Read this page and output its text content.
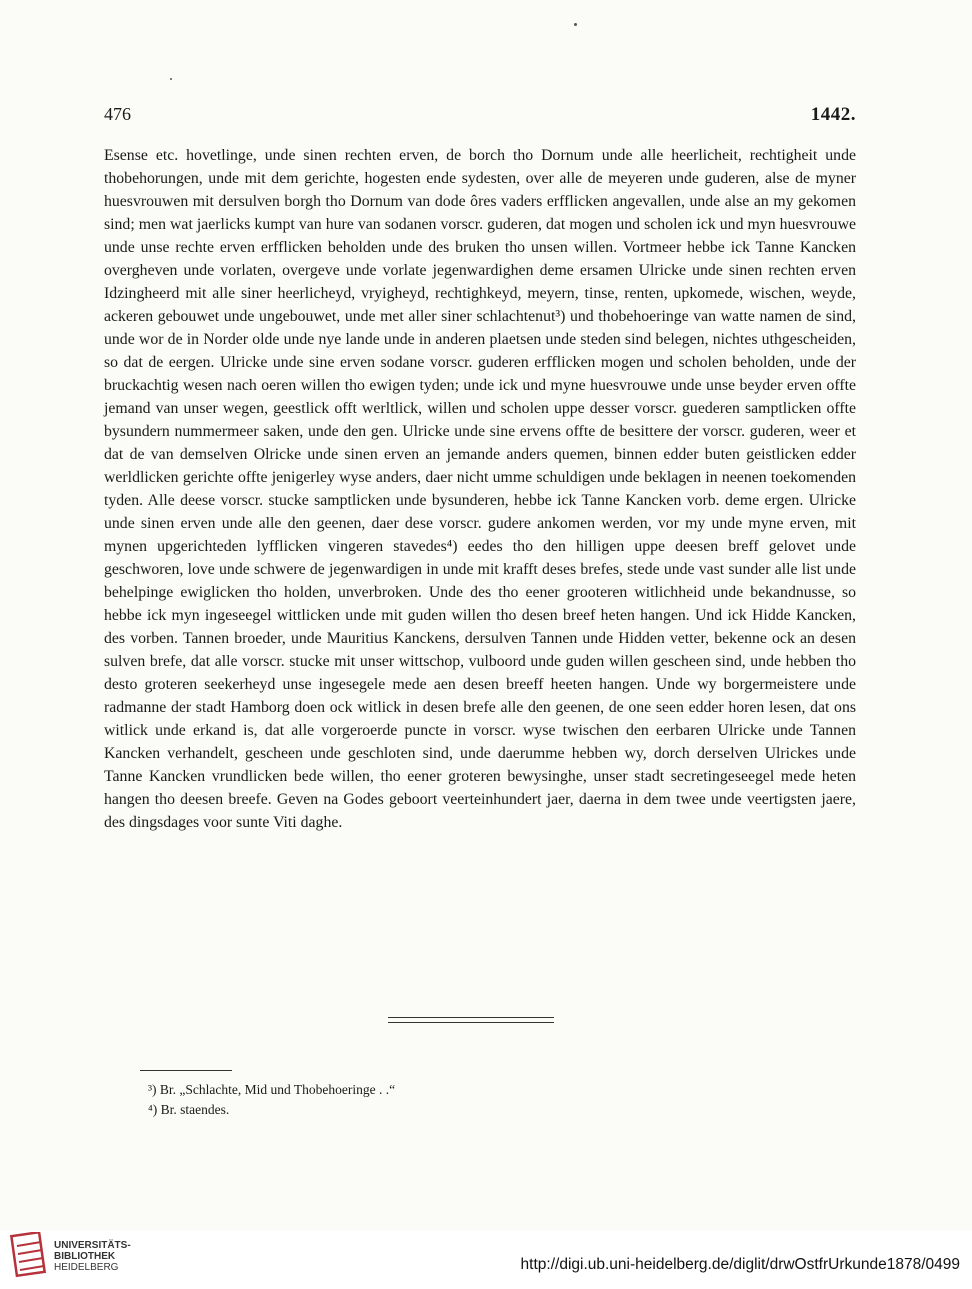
476	1442.

Esense etc. hovetlinge, unde sinen rechten erven, de borch tho Dornum unde alle heerlicheit, rechtigheit unde thobehorungen, unde mit dem gerichte, hogesten ende sydesten, over alle de meyeren unde guderen, alse de myner huesvrouwen mit dersulven borgh tho Dornum van dode ôres vaders erfflicken angevallen, unde alse an my gekomen sind; men wat jaerlicks kumpt van hure van sodanen vorscr. guderen, dat mogen und scholen ick und myn huesvrouwe unde unse rechte erven erfflicken beholden unde des bruken tho unsen willen. Vortmeer hebbe ick Tanne Kancken overgheven unde vorlaten, overgeve unde vorlate jegenwardighen deme ersamen Ulricke unde sinen rechten erven Idzingheerd mit alle siner heerlicheyd, vryigheyd, rechtighkeyd, meyern, tinse, renten, upkomede, wischen, weyde, ackeren gebouwet unde ungebouwet, unde met aller siner schlachtenut³) und thobehoeringe van watte namen de sind, unde wor de in Norder olde unde nye lande unde in anderen plaetsen unde steden sind belegen, nichtes uthgescheiden, so dat de eergen. Ulricke unde sine erven sodane vorscr. guderen erfflicken mogen und scholen beholden, unde der bruckachtig wesen nach oeren willen tho ewigen tyden; unde ick und myne huesvrouwe unde unse beyder erven offte jemand van unser wegen, geestlick offt werltlick, willen und scholen uppe desser vorscr. guederen samptlicken offte bysundern nummermeer saken, unde den gen. Ulricke unde sine ervens offte de besittere der vorscr. guderen, weer et dat de van demselven Olricke unde sinen erven an jemande anders quemen, binnen edder buten geistlicken edder werldlicken gerichte offte jenigerley wyse anders, daer nicht umme schuldigen unde beklagen in neenen toekomenden tyden. Alle deese vorscr. stucke samptlicken unde bysunderen, hebbe ick Tanne Kancken vorb. deme ergen. Ulricke unde sinen erven unde alle den geenen, daer dese vorscr. gudere ankomen werden, vor my unde myne erven, mit mynen upgerichteden lyfflicken vingeren stavedes⁴) eedes tho den hilligen uppe deesen breff gelovet unde geschworen, love unde schwere de jegenwardigen in unde mit krafft deses brefes, stede unde vast sunder alle list unde behelpinge ewiglicken tho holden, unverbroken. Unde des tho eener grooteren witlichheid unde bekandnusse, so hebbe ick myn ingeseegel wittlicken unde mit guden willen tho desen breef heten hangen. Und ick Hidde Kancken, des vorben. Tannen broeder, unde Mauritius Kanckens, dersulven Tannen unde Hidden vetter, bekenne ock an desen sulven brefe, dat alle vorscr. stucke mit unser wittschop, vulboord unde guden willen gescheen sind, unde hebben tho desto groteren seekerheyd unse ingesegele mede aen desen breeff heeten hangen. Unde wy borgermeistere unde radmanne der stadt Hamborg doen ock witlick in desen brefe alle den geenen, de one seen edder horen lesen, dat ons witlick unde erkand is, dat alle vorgeroerde puncte in vorscr. wyse twischen den eerbaren Ulricke unde Tannen Kancken verhandelt, gescheen unde geschloten sind, unde daerumme hebben wy, dorch derselven Ulrickes unde Tanne Kancken vrundlicken bede willen, tho eener groteren bewysinghe, unser stadt secretingeseegel mede heten hangen tho deesen breefe. Geven na Godes geboort veerteinhundert jaer, daerna in dem twee unde veertigsten jaere, des dingsdages voor sunte Viti daghe.

³) Br. „Schlachte, Mid und Thobehoeringe . .“
⁴) Br. staendes.
UNIVERSITÄTS-
BIBLIOTHEK
HEIDELBERG	http://digi.ub.uni-heidelberg.de/diglit/drwOstfrUrkunde1878/0499
